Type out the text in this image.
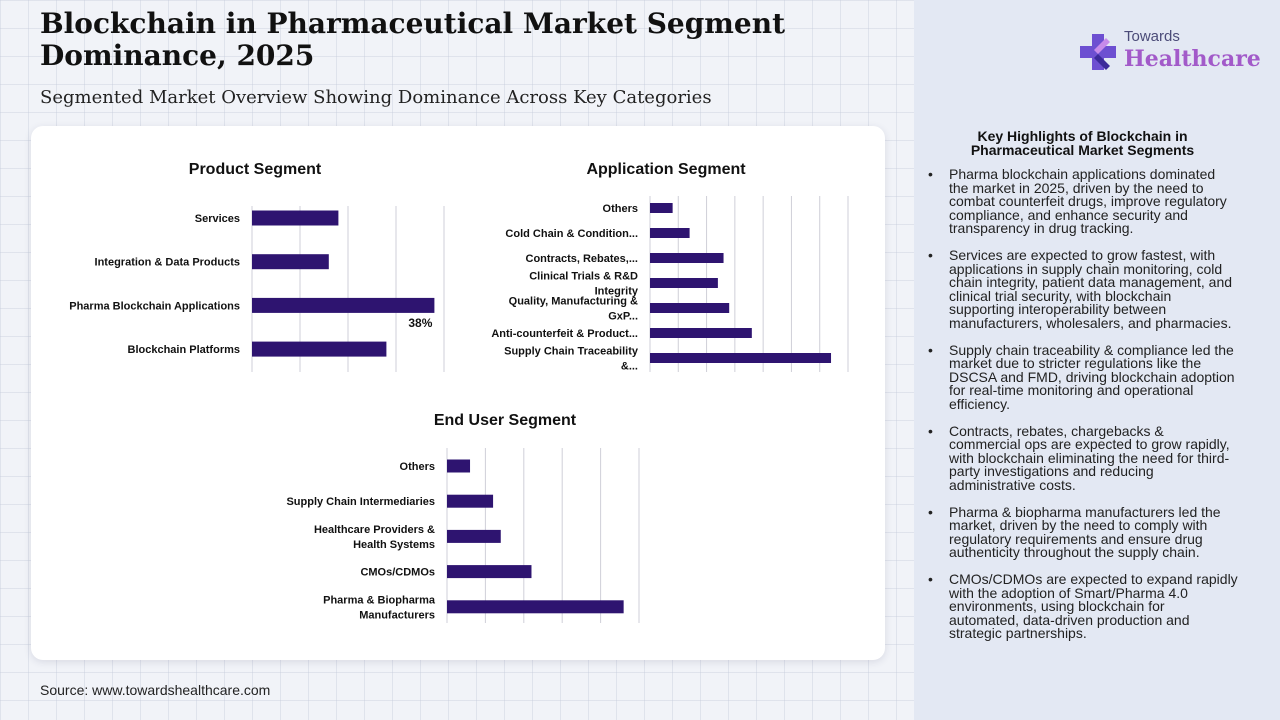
Blockchain in Pharmaceutical Market Segment Dominance, 2025
Segmented Market Overview Showing Dominance Across Key Categories
Product Segment
Services
Integration & Data Products
Pharma Blockchain Applications
38%
Blockchain Platforms
Application Segment
Others
Cold Chain & Condition...
Contracts, Rebates,...
Clinical Trials & R&D Integrity
Quality, Manufacturing & GxP...
Anti-counterfeit & Product...
Supply Chain Traceability &...
End User Segment
Others
Supply Chain Intermediaries
Healthcare Providers & Health Systems
CMOs/CDMOs
Pharma & Biopharma Manufacturers
Source: www.towardshealthcare.com
Towards
Healthcare
Key Highlights of Blockchain in Pharmaceutical Market Segments
• Pharma blockchain applications dominated the market in 2025, driven by the need to combat counterfeit drugs, improve regulatory compliance, and enhance security and transparency in drug tracking.
• Services are expected to grow fastest, with applications in supply chain monitoring, cold chain integrity, patient data management, and clinical trial security, with blockchain supporting interoperability between manufacturers, wholesalers, and pharmacies.
• Supply chain traceability & compliance led the market due to stricter regulations like the DSCSA and FMD, driving blockchain adoption for real-time monitoring and operational efficiency.
• Contracts, rebates, chargebacks & commercial ops are expected to grow rapidly, with blockchain eliminating the need for third-party investigations and reducing administrative costs.
• Pharma & biopharma manufacturers led the market, driven by the need to comply with regulatory requirements and ensure drug authenticity throughout the supply chain.
• CMOs/CDMOs are expected to expand rapidly with the adoption of Smart/Pharma 4.0 environments, using blockchain for automated, data-driven production and strategic partnerships.
